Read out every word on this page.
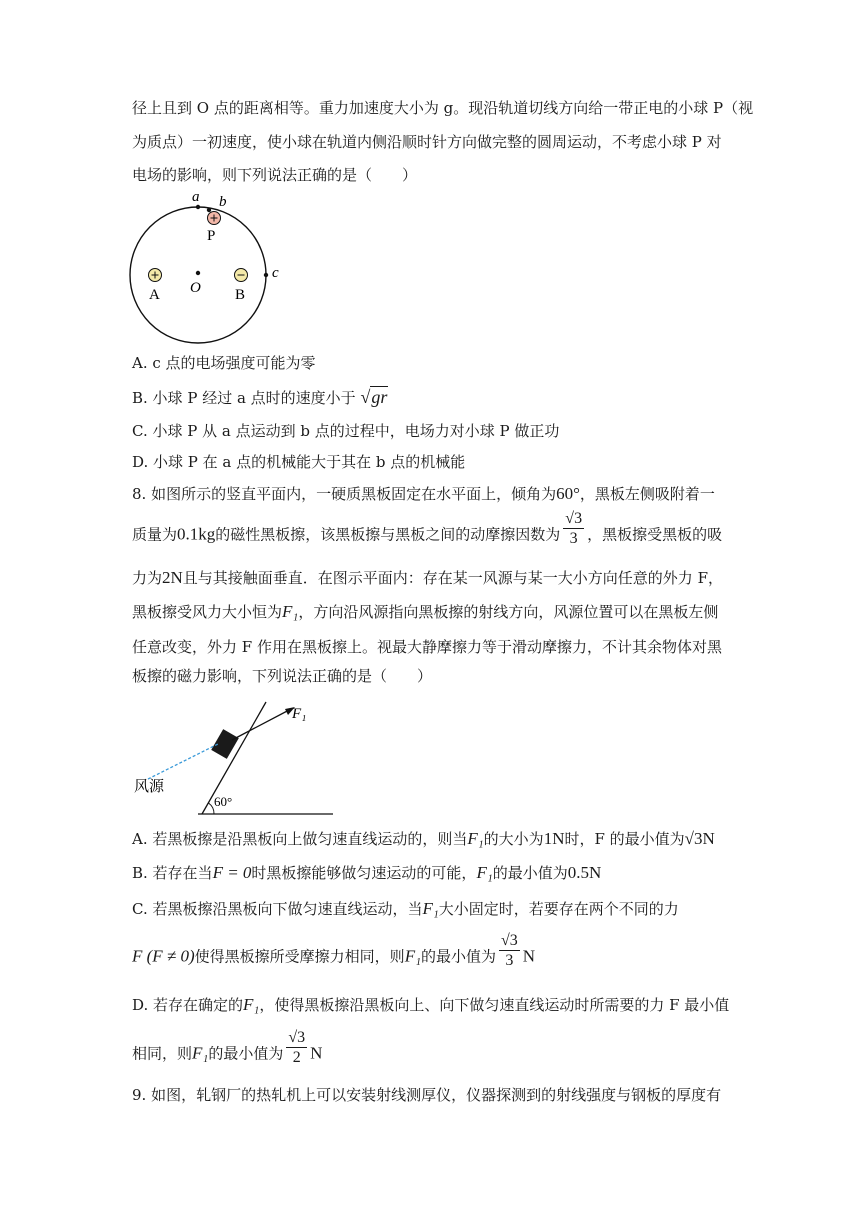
径上且到 O 点的距离相等。重力加速度大小为 g。现沿轨道切线方向给一带正电的小球 P（视
为质点）一初速度，使小球在轨道内侧沿顺时针方向做完整的圆周运动，不考虑小球 P 对
电场的影响，则下列说法正确的是（　　）
a b
P
c
A O B
A. c 点的电场强度可能为零
B. 小球 P 经过 a 点时的速度小于 √gr
C. 小球 P 从 a 点运动到 b 点的过程中，电场力对小球 P 做正功
D. 小球 P 在 a 点的机械能大于其在 b 点的机械能
8. 如图所示的竖直平面内，一硬质黑板固定在水平面上，倾角为60°，黑板左侧吸附着一
质量为0.1kg的磁性黑板擦，该黑板擦与黑板之间的动摩擦因数为 $\frac{√3}{3}$ ，黑板擦受黑板的吸
力为2N且与其接触面垂直．在图示平面内：存在某一风源与某一大小方向任意的外力 F，
黑板擦受风力大小恒为F₁，方向沿风源指向黑板擦的射线方向，风源位置可以在黑板左侧
任意改变，外力 F 作用在黑板擦上。视最大静摩擦力等于滑动摩擦力，不计其余物体对黑
板擦的磁力影响，下列说法正确的是（　　）
F₁
风源
60°
A. 若黑板擦是沿黑板向上做匀速直线运动的，则当F₁的大小为1N时，F 的最小值为√3N
B. 若存在当F = 0时黑板擦能够做匀速运动的可能，F₁的最小值为0.5N
C. 若黑板擦沿黑板向下做匀速直线运动，当F₁大小固定时，若要存在两个不同的力
F (F ≠ 0)使得黑板擦所受摩擦力相同，则F₁的最小值为 $\frac{√3}{3}$ N
D. 若存在确定的F₁，使得黑板擦沿黑板向上、向下做匀速直线运动时所需要的力 F 最小值
相同，则F₁的最小值为 $\frac{√3}{2}$ N
9. 如图，轧钢厂的热轧机上可以安装射线测厚仪，仪器探测到的射线强度与钢板的厚度有
